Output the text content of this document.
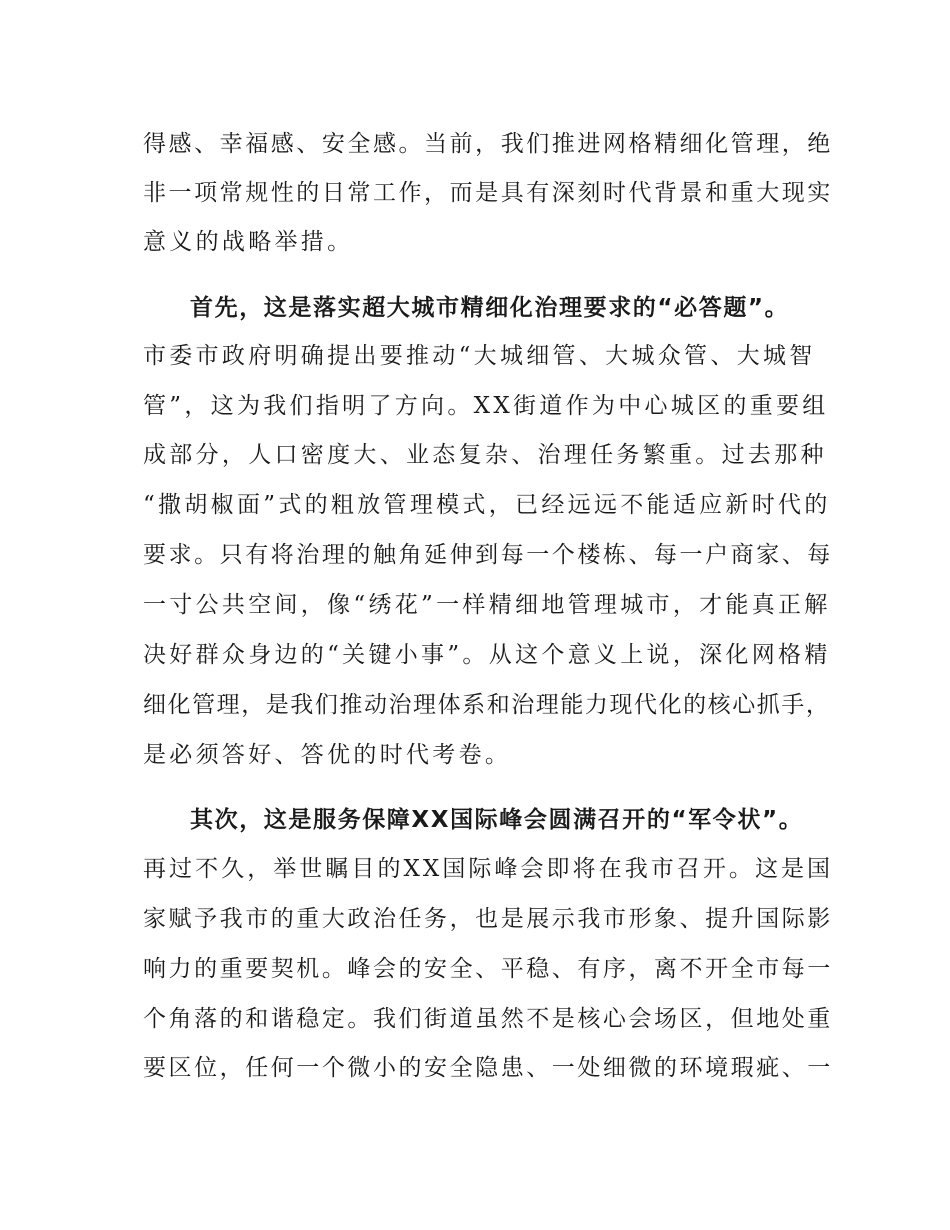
得感、幸福感、安全感。当前，我们推进网格精细化管理，绝
非一项常规性的日常工作，而是具有深刻时代背景和重大现实
意义的战略举措。
首先，这是落实超大城市精细化治理要求的“必答题”。
市委市政府明确提出要推动“大城细管、大城众管、大城智
管”，这为我们指明了方向。XX街道作为中心城区的重要组
成部分，人口密度大、业态复杂、治理任务繁重。过去那种
“撒胡椒面”式的粗放管理模式，已经远远不能适应新时代的
要求。只有将治理的触角延伸到每一个楼栋、每一户商家、每
一寸公共空间，像“绣花”一样精细地管理城市，才能真正解
决好群众身边的“关键小事”。从这个意义上说，深化网格精
细化管理，是我们推动治理体系和治理能力现代化的核心抓手，
是必须答好、答优的时代考卷。
其次，这是服务保障XX国际峰会圆满召开的“军令状”。
再过不久，举世瞩目的XX国际峰会即将在我市召开。这是国
家赋予我市的重大政治任务，也是展示我市形象、提升国际影
响力的重要契机。峰会的安全、平稳、有序，离不开全市每一
个角落的和谐稳定。我们街道虽然不是核心会场区，但地处重
要区位，任何一个微小的安全隐患、一处细微的环境瑕疵、一
